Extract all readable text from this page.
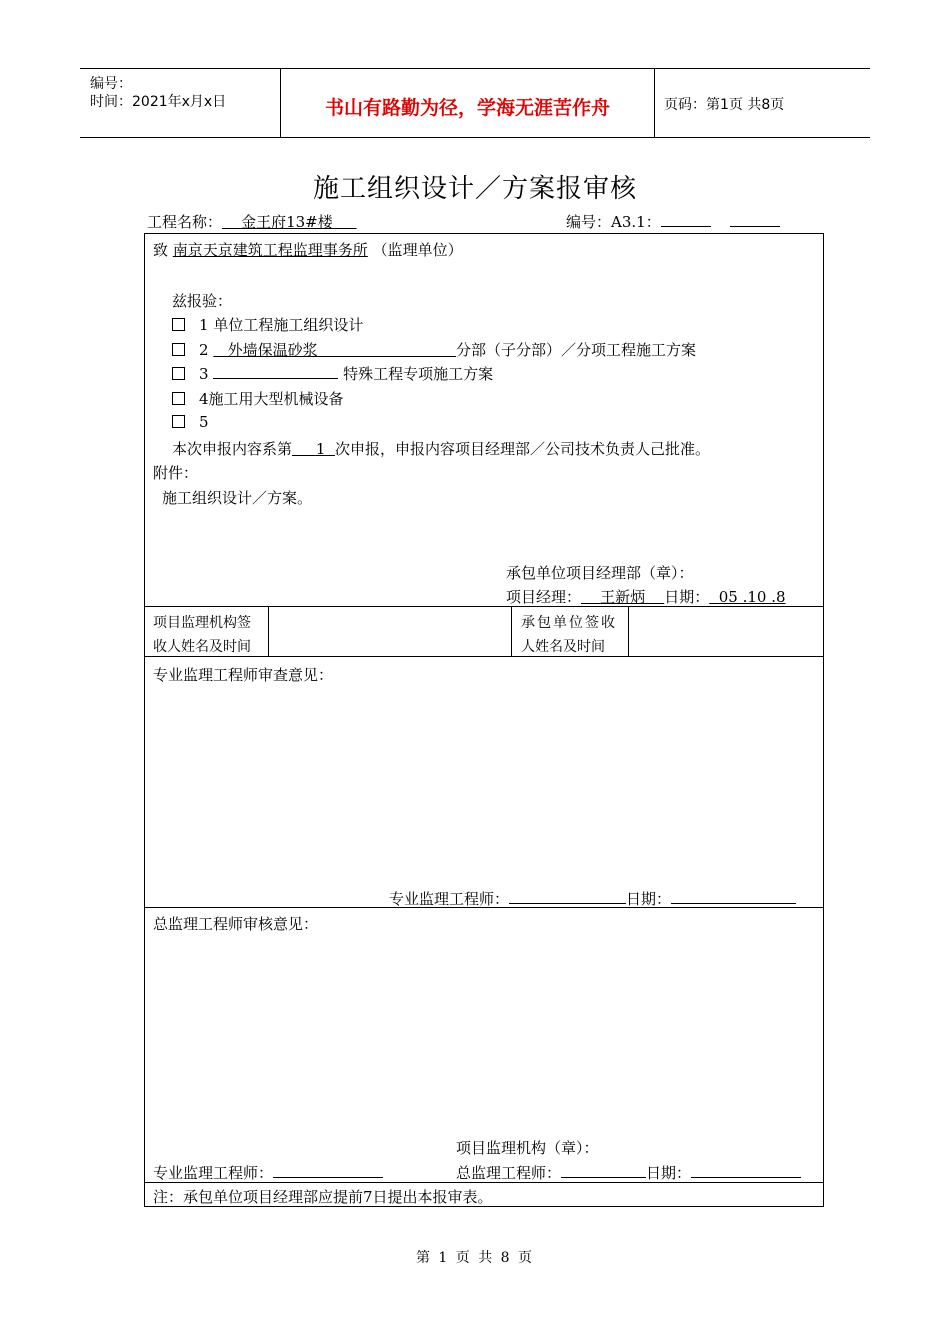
编号：
时间：2021年x月x日	书山有路勤为径，学海无涯苦作舟	页码：第1页 共8页
施工组织设计／方案报审核
工程名称： 金王府13#楼	编号：A3.1：
致 南京天京建筑工程监理事务所 （监理单位）
兹报验：
1 单位工程施工组织设计
2 外墙保温砂浆	分部（子分部）／分项工程施工方案
3	特殊工程专项施工方案
4施工用大型机械设备
5
本次申报内容系第 1 次申报，申报内容项目经理部／公司技术负责人己批准。
附件：
施工组织设计／方案。
承包单位项目经理部（章）：
项目经理： 王新炳 日期： 05 .10 .8
项目监理机构签
收人姓名及时间
承包单位签收
人姓名及时间
专业监理工程师审查意见：
专业监理工程师：	日期：
总监理工程师审核意见：
项目监理机构（章）：
专业监理工程师：	总监理工程师：	日期：
注：承包单位项目经理部应提前7日提出本报审表。
第 1 页 共 8 页
